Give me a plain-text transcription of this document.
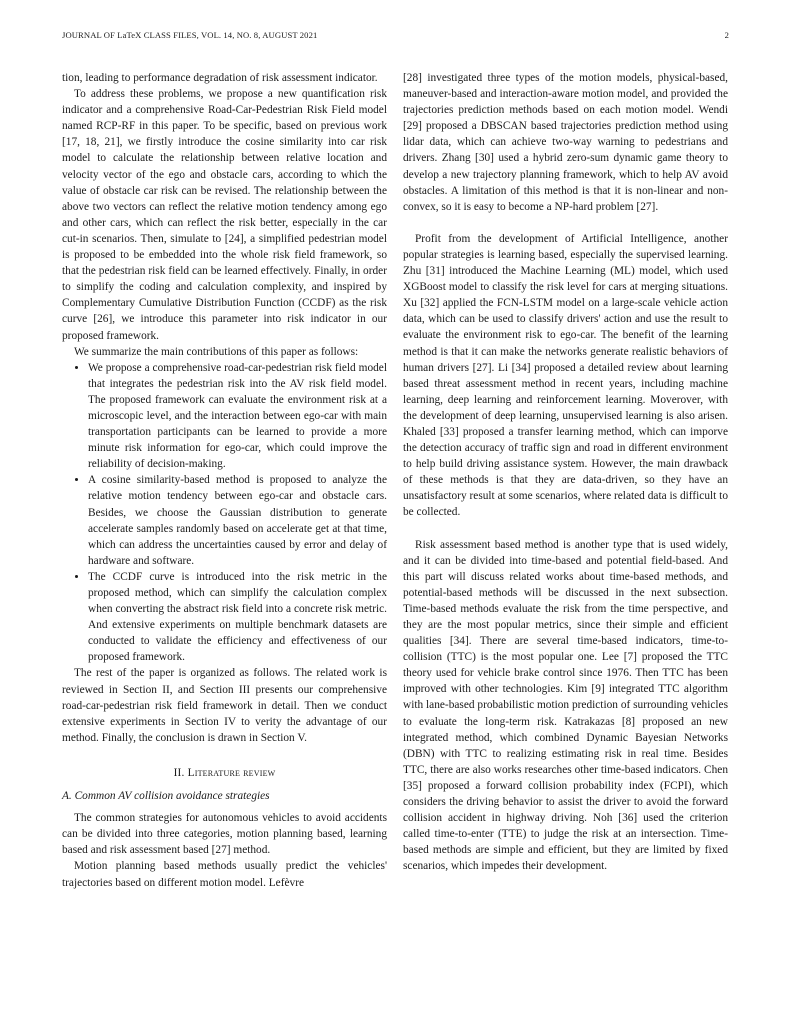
JOURNAL OF LaTeX CLASS FILES, VOL. 14, NO. 8, AUGUST 2021	2

tion, leading to performance degradation of risk assessment indicator.

To address these problems, we propose a new quantification risk indicator and a comprehensive Road-Car-Pedestrian Risk Field model named RCP-RF in this paper. To be specific, based on previous work [17, 18, 21], we firstly introduce the cosine similarity into car risk model to calculate the relationship between relative location and velocity vector of the ego and obstacle cars, according to which the value of obstacle car risk can be revised. The relationship between the above two vectors can reflect the relative motion tendency among ego and other cars, which can reflect the risk better, especially in the car cut-in scenarios. Then, simulate to [24], a simplified pedestrian model is proposed to be embedded into the whole risk field framework, so that the pedestrian risk field can be learned effectively. Finally, in order to simplify the coding and calculation complexity, and inspired by Complementary Cumulative Distribution Function (CCDF) as the risk curve [26], we introduce this parameter into risk indicator in our proposed framework.

We summarize the main contributions of this paper as follows:

• We propose a comprehensive road-car-pedestrian risk field model that integrates the pedestrian risk into the AV risk field model. The proposed framework can evaluate the environment risk at a microscopic level, and the interaction between ego-car with main transportation participants can be learned to provide a more minute risk information for ego-car, which could improve the reliability of decision-making.
• A cosine similarity-based method is proposed to analyze the relative motion tendency between ego-car and obstacle cars. Besides, we choose the Gaussian distribution to generate accelerate samples randomly based on accelerate get at that time, which can address the uncertainties caused by error and delay of hardware and software.
• The CCDF curve is introduced into the risk metric in the proposed method, which can simplify the calculation complex when converting the abstract risk field into a concrete risk metric. And extensive experiments on multiple benchmark datasets are conducted to validate the efficiency and effectiveness of our proposed framework.

The rest of the paper is organized as follows. The related work is reviewed in Section II, and Section III presents our comprehensive road-car-pedestrian risk field framework in detail. Then we conduct extensive experiments in Section IV to verity the advantage of our method. Finally, the conclusion is drawn in Section V.

II. Literature review
A. Common AV collision avoidance strategies

The common strategies for autonomous vehicles to avoid accidents can be divided into three categories, motion planning based, learning based and risk assessment based [27] method.

Motion planning based methods usually predict the vehicles' trajectories based on different motion model. Lefèvre

[28] investigated three types of the motion models, physical-based, maneuver-based and interaction-aware motion model, and provided the trajectories prediction methods based on each motion model. Wendi [29] proposed a DBSCAN based trajectories prediction method using lidar data, which can achieve two-way warning to pedestrians and drivers. Zhang [30] used a hybrid zero-sum dynamic game theory to develop a new trajectory planning framework, which to help AV avoid obstacles. A limitation of this method is that it is non-linear and non-convex, so it is easy to become a NP-hard problem [27].

Profit from the development of Artificial Intelligence, another popular strategies is learning based, especially the supervised learning. Zhu [31] introduced the Machine Learning (ML) model, which used XGBoost model to classify the risk level for cars at merging situations. Xu [32] applied the FCN-LSTM model on a large-scale vehicle action data, which can be used to classify drivers' action and use the result to evaluate the environment risk to ego-car. The benefit of the learning method is that it can make the networks generate realistic behaviors of human drivers [27]. Li [34] proposed a detailed review about learning based threat assessment method in recent years, including machine learning, deep learning and reinforcement learning. Moverover, with the development of deep learning, unsupervised learning is also arisen. Khaled [33] proposed a transfer learning method, which can imporve the detection accuracy of traffic sign and road in different environment to help build driving assistance system. However, the main drawback of these methods is that they are data-driven, so they have an unsatisfactory result at some scenarios, where related data is difficult to be collected.

Risk assessment based method is another type that is used widely, and it can be divided into time-based and potential field-based. And this part will discuss related works about time-based methods, and potential-based methods will be discussed in the next subsection. Time-based methods evaluate the risk from the time perspective, and they are the most popular metrics, since their simple and efficient qualities [34]. There are several time-based indicators, time-to-collision (TTC) is the most popular one. Lee [7] proposed the TTC theory used for vehicle brake control since 1976. Then TTC has been improved with other technologies. Kim [9] integrated TTC algorithm with lane-based probabilistic motion prediction of surrounding vehicles to evaluate the long-term risk. Katrakazas [8] proposed an new integrated method, which combined Dynamic Bayesian Networks (DBN) with TTC to realizing estimating risk in real time. Besides TTC, there are also works researches other time-based indicators. Chen [35] proposed a forward collision probability index (FCPI), which considers the driving behavior to assist the driver to avoid the forward collision accident in highway driving. Noh [36] used the criterion called time-to-enter (TTE) to judge the risk at an intersection. Time-based methods are simple and efficient, but they are limited by fixed scenarios, which impedes their development.
